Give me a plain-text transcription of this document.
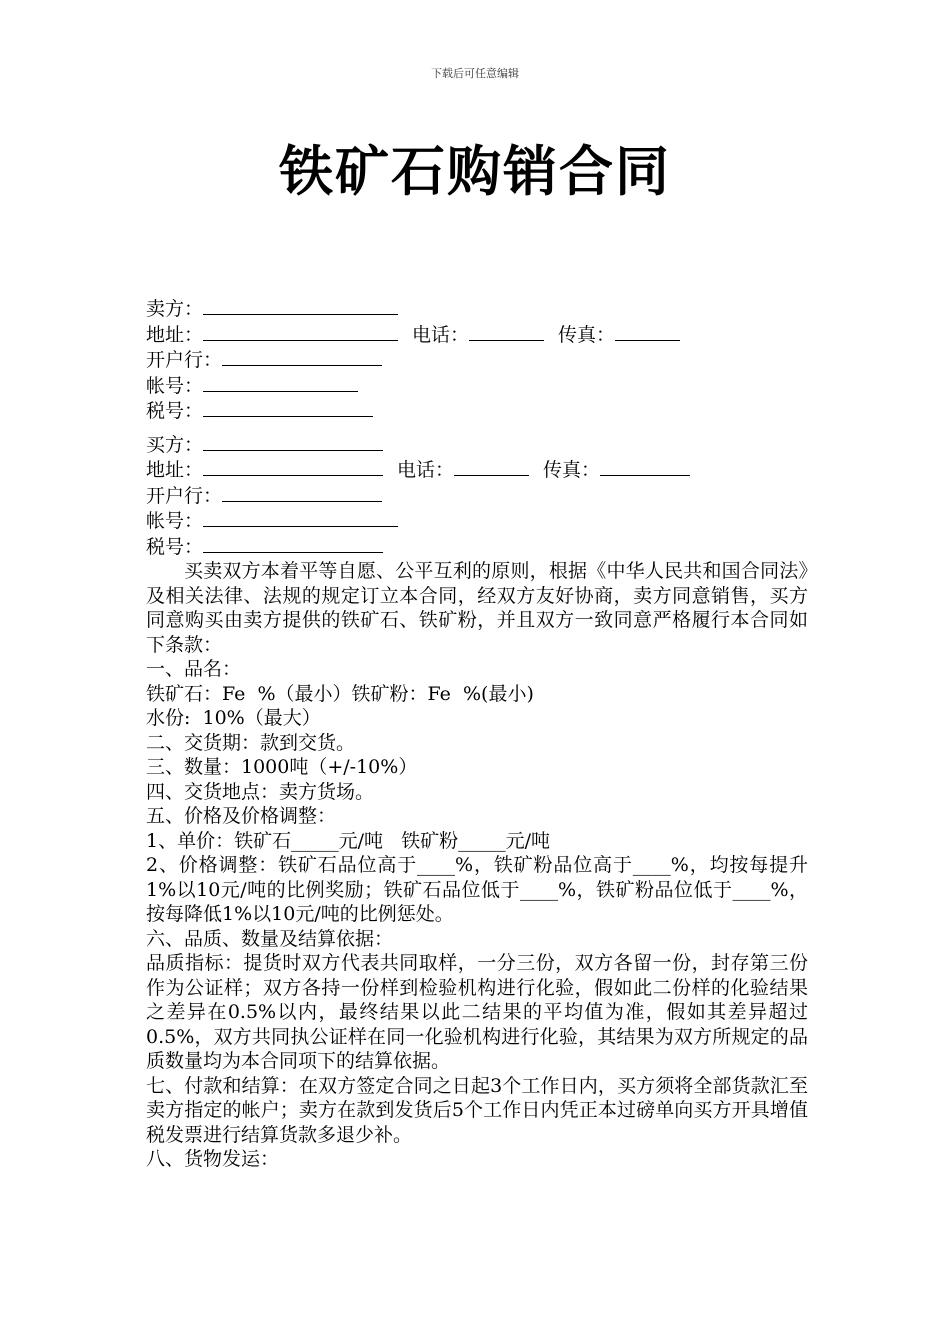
下载后可任意编辑
铁矿石购销合同
卖方：
地址：	电话：	传真：
开户行：
帐号：
税号：
买方：
地址：	电话：	传真：
开户行：
帐号：
税号：
买卖双方本着平等自愿、公平互利的原则，根据《中华人民共和国合同法》及相关法律、法规的规定订立本合同，经双方友好协商，卖方同意销售，买方同意购买由卖方提供的铁矿石、铁矿粉，并且双方一致同意严格履行本合同如下条款：
一、品名：
铁矿石：Fe  %（最小）铁矿粉：Fe  %(最小)
水份:  10%（最大）
二、交货期：款到交货。
三、数量：1000吨（+/-10%）
四、交货地点：卖方货场。
五、价格及价格调整：
1、单价：铁矿石_____元/吨   铁矿粉_____元/吨
2、价格调整：铁矿石品位高于____%，铁矿粉品位高于____%，均按每提升1%以10元/吨的比例奖励；铁矿石品位低于____%，铁矿粉品位低于____%，按每降低1%以10元/吨的比例惩处。
六、品质、数量及结算依据：
品质指标：提货时双方代表共同取样，一分三份，双方各留一份，封存第三份作为公证样；双方各持一份样到检验机构进行化验，假如此二份样的化验结果之差异在0.5%以内，最终结果以此二结果的平均值为准，假如其差异超过0.5%，双方共同执公证样在同一化验机构进行化验，其结果为双方所规定的品质数量均为本合同项下的结算依据。
七、付款和结算：在双方签定合同之日起3个工作日内，买方须将全部货款汇至卖方指定的帐户；卖方在款到发货后5个工作日内凭正本过磅单向买方开具增值税发票进行结算货款多退少补。
八、货物发运：
